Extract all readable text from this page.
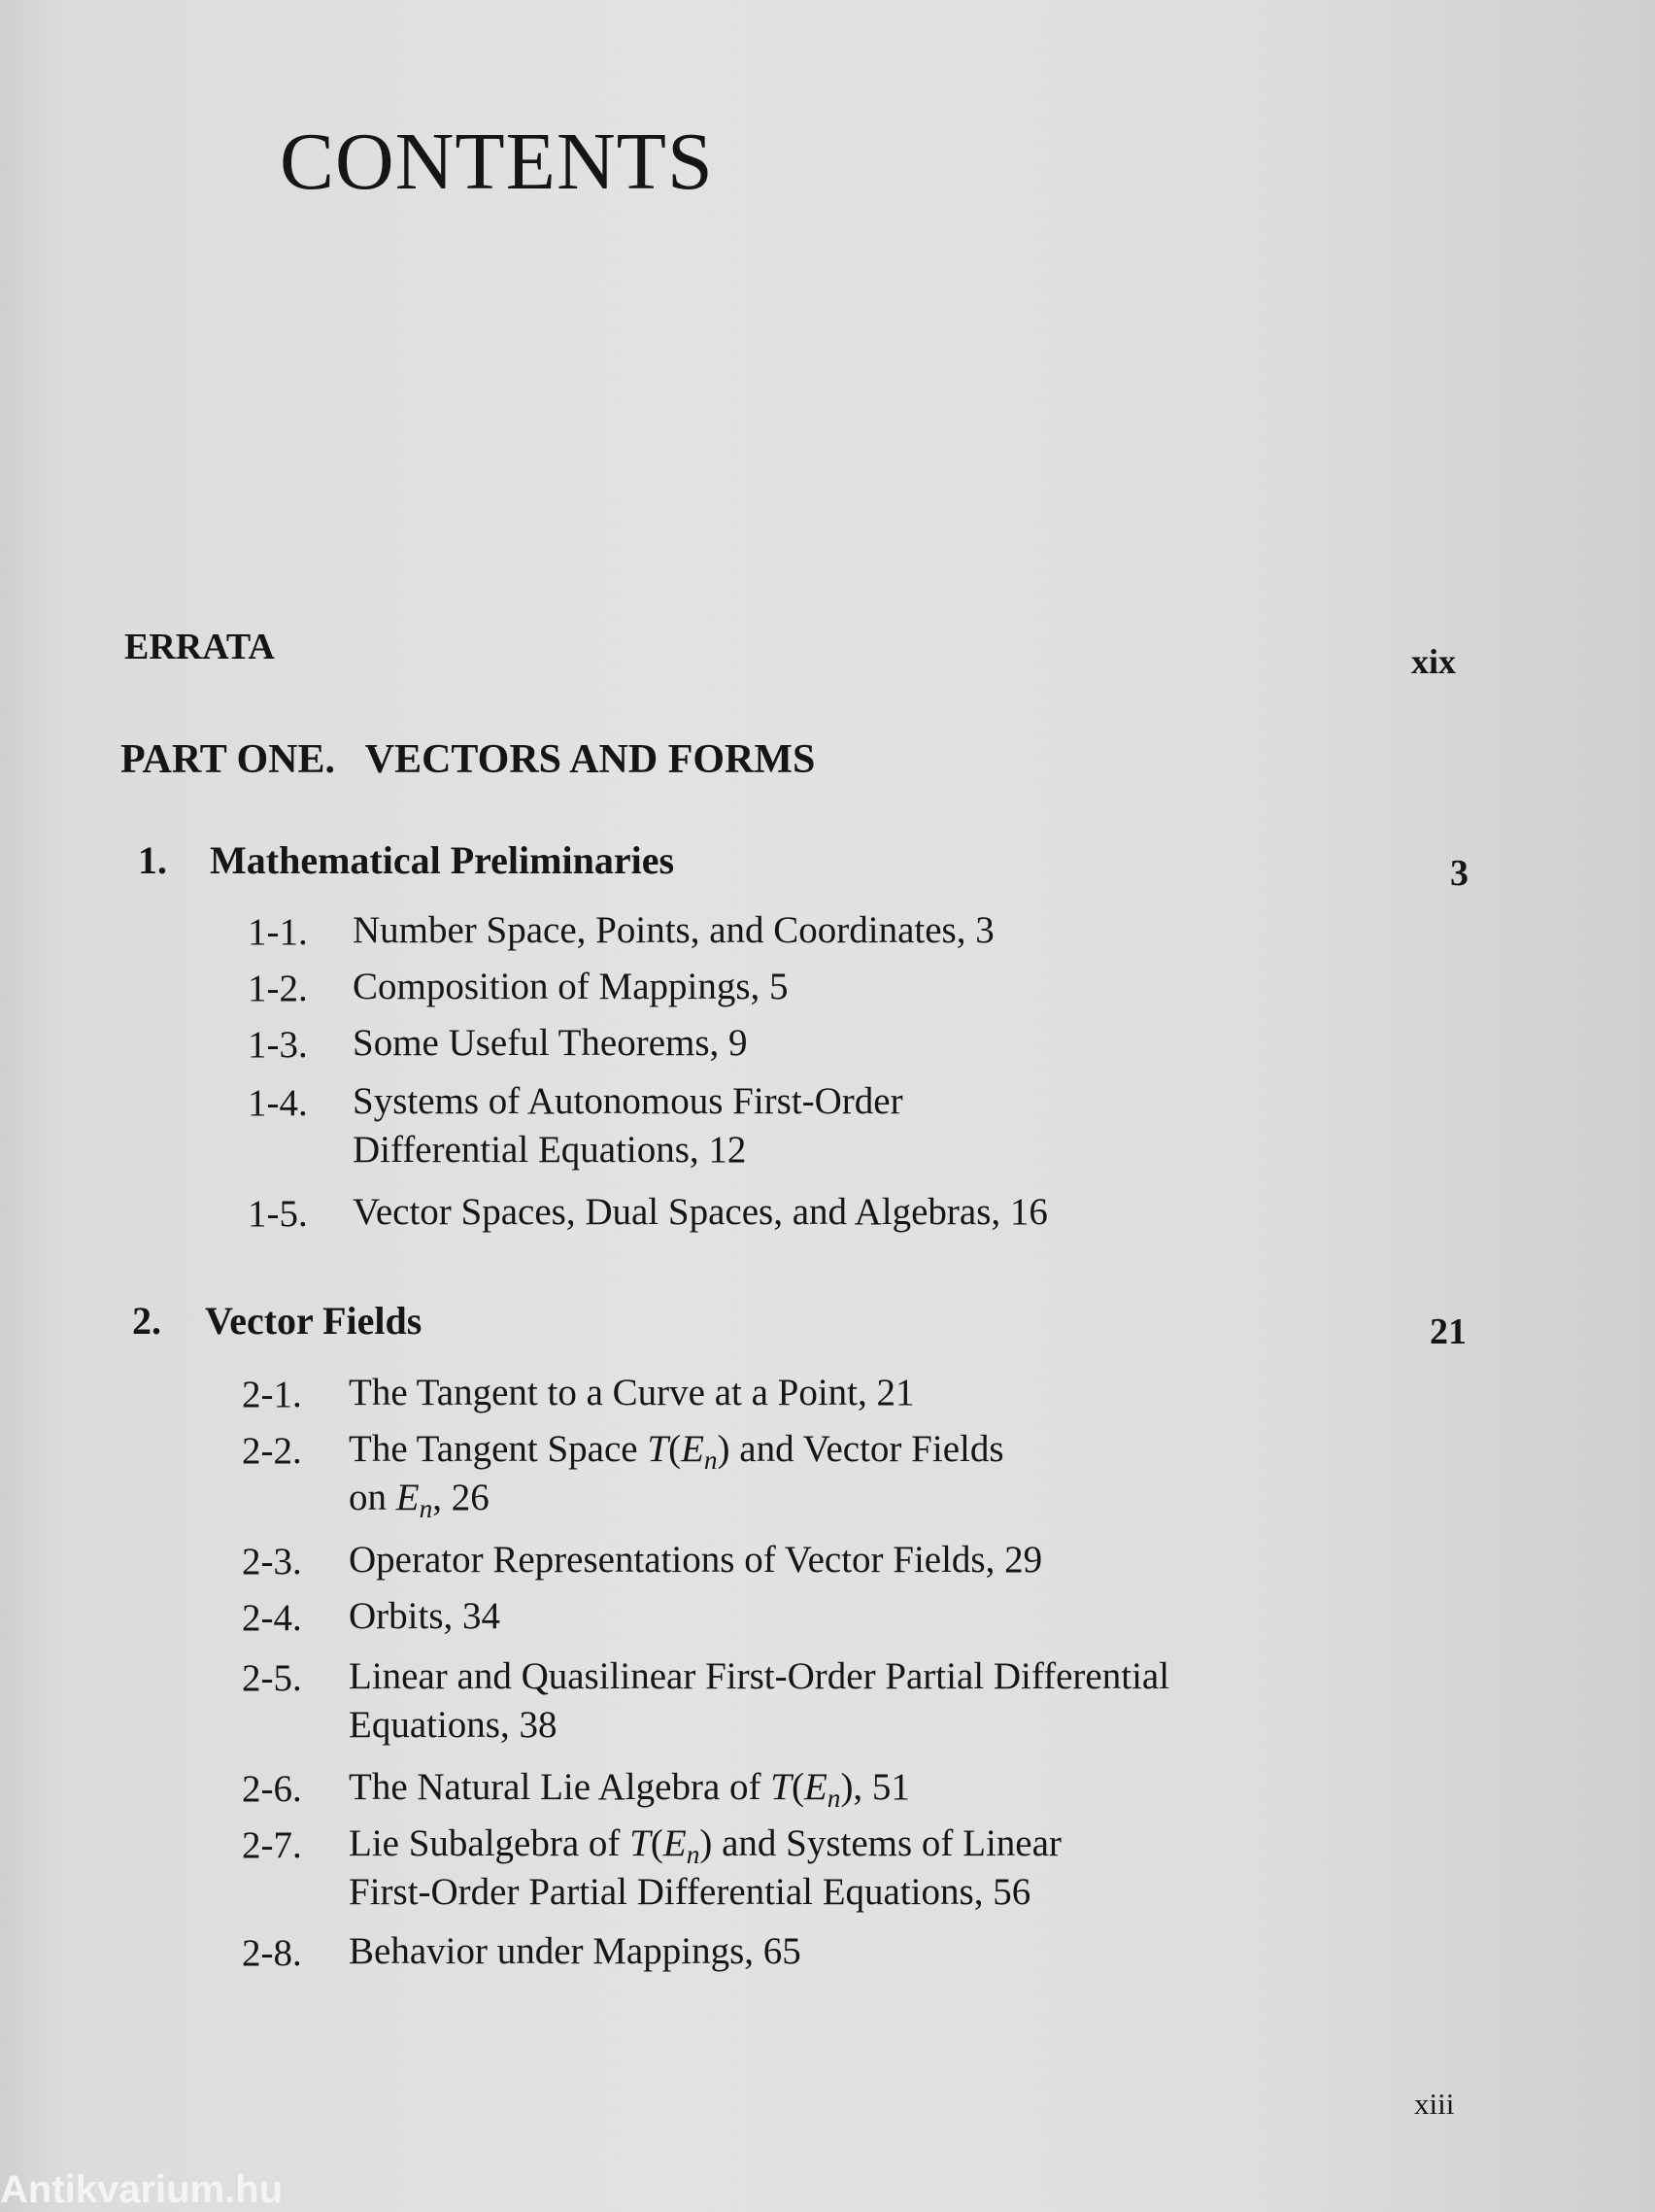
CONTENTS
ERRATA	xix
PART ONE.   VECTORS AND FORMS
1. Mathematical Preliminaries	3
1-1. Number Space, Points, and Coordinates, 3
1-2. Composition of Mappings, 5
1-3. Some Useful Theorems, 9
1-4. Systems of Autonomous First-Order
Differential Equations, 12
1-5. Vector Spaces, Dual Spaces, and Algebras, 16
2. Vector Fields	21
2-1. The Tangent to a Curve at a Point, 21
2-2. The Tangent Space $T(E_n)$ and Vector Fields
on $E_n$, 26
2-3. Operator Representations of Vector Fields, 29
2-4. Orbits, 34
2-5. Linear and Quasilinear First-Order Partial Differential
Equations, 38
2-6. The Natural Lie Algebra of $T(E_n)$, 51
2-7. Lie Subalgebra of $T(E_n)$ and Systems of Linear
First-Order Partial Differential Equations, 56
2-8. Behavior under Mappings, 65
xiii
Antikvarium.hu
